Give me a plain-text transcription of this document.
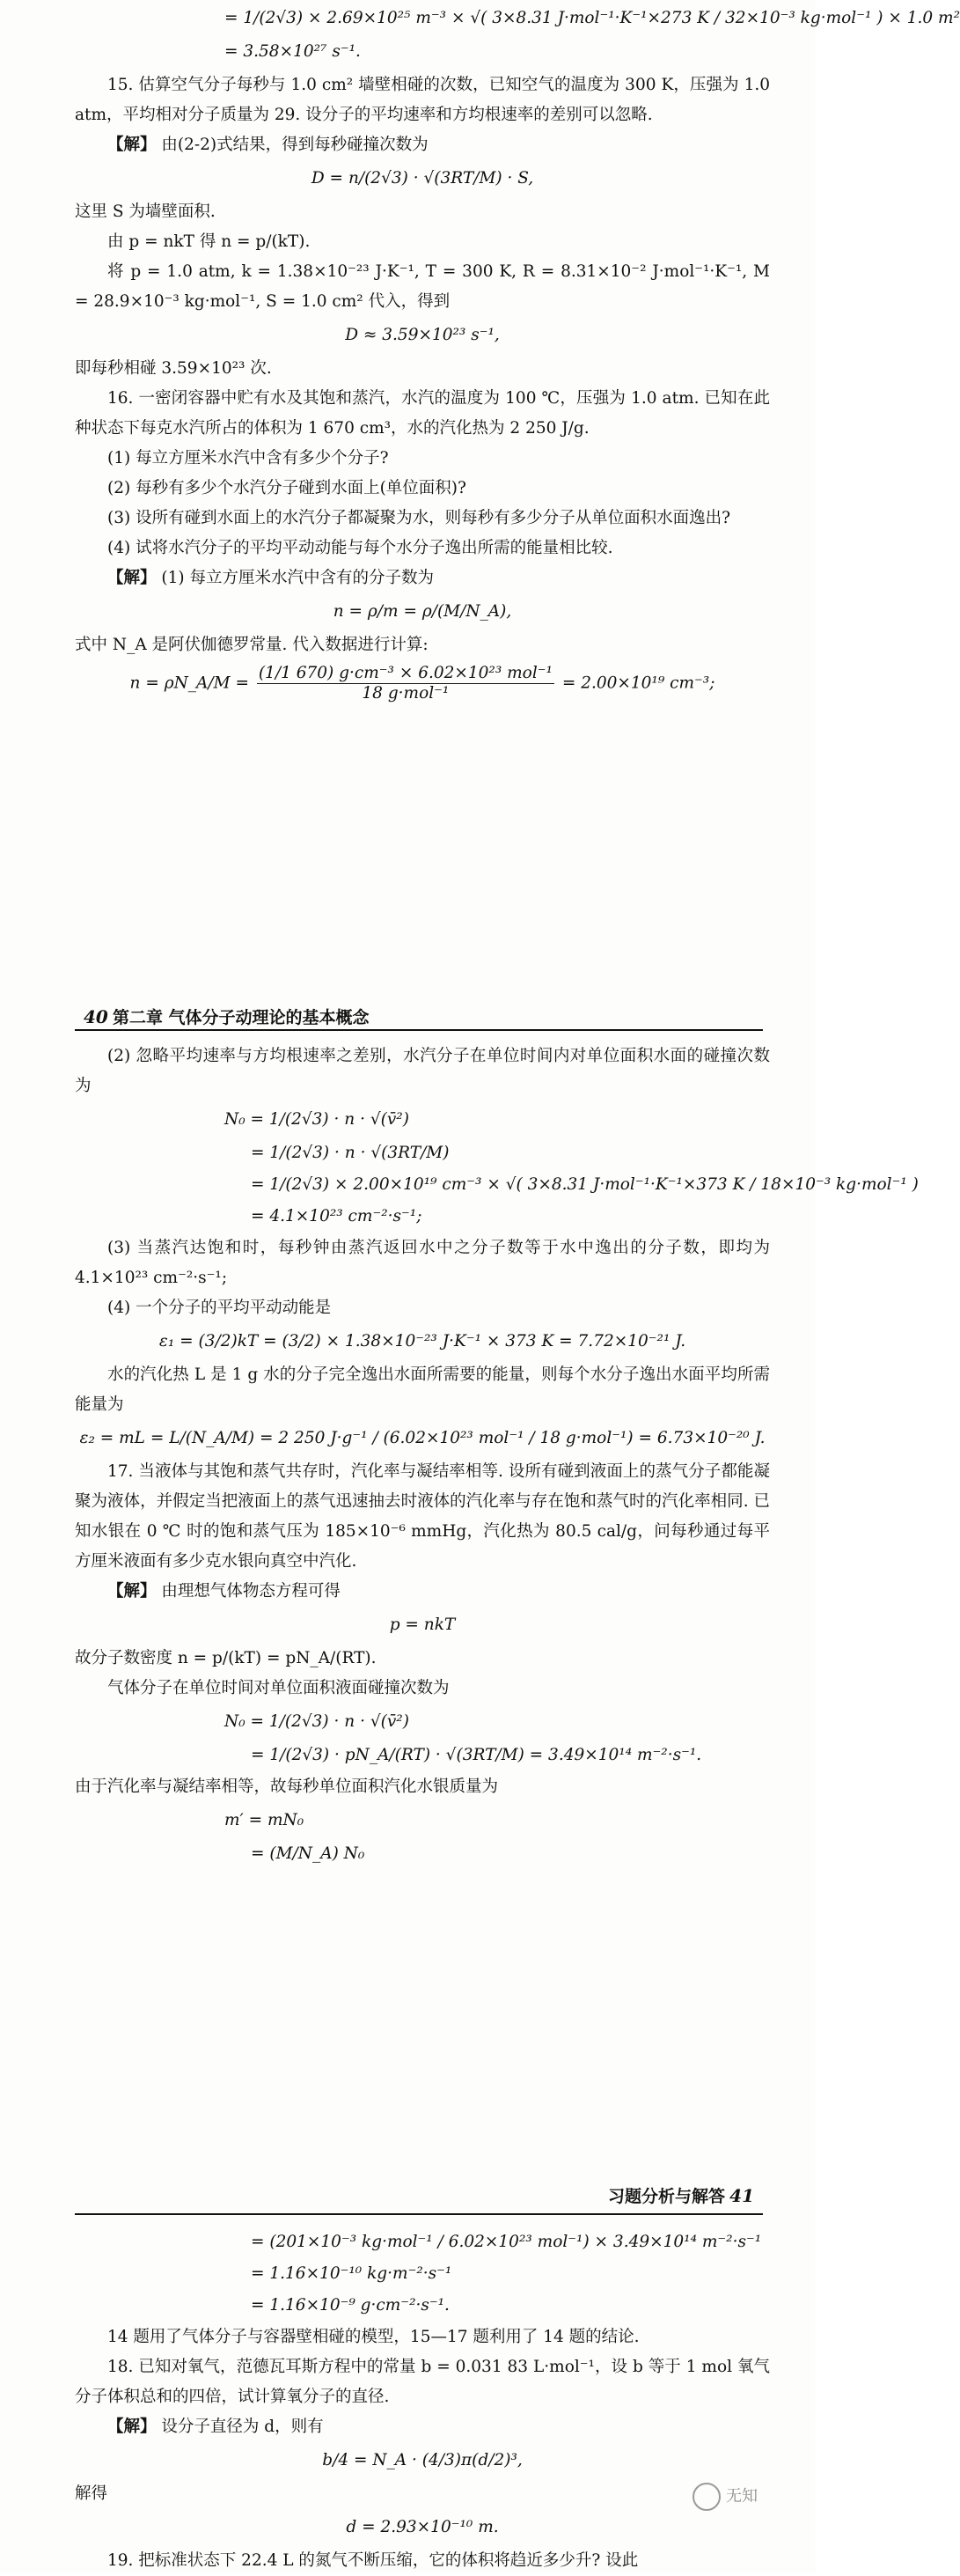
= 1/(2√3) × 2.69×10²⁵ m⁻³ × √( 3×8.31 J·mol⁻¹·K⁻¹×273 K / 32×10⁻³ kg·mol⁻¹ ) × 1.0 m²

= 3.58×10²⁷ s⁻¹.

15. 估算空气分子每秒与 1.0 cm² 墙壁相碰的次数，已知空气的温度为 300 K，压强为 1.0 atm，平均相对分子质量为 29. 设分子的平均速率和方均根速率的差别可以忽略.

【解】 由(2-2)式结果，得到每秒碰撞次数为

D = n/(2√3) · √(3RT/M) · S,

这里 S 为墙壁面积.

由 p = nkT 得 n = p/(kT).

将 p = 1.0 atm, k = 1.38×10⁻²³ J·K⁻¹, T = 300 K, R = 8.31×10⁻² J·mol⁻¹·K⁻¹, M = 28.9×10⁻³ kg·mol⁻¹, S = 1.0 cm² 代入，得到

D ≈ 3.59×10²³ s⁻¹,

即每秒相碰 3.59×10²³ 次.

16. 一密闭容器中贮有水及其饱和蒸汽，水汽的温度为 100 ℃，压强为 1.0 atm. 已知在此种状态下每克水汽所占的体积为 1 670 cm³，水的汽化热为 2 250 J/g.

(1) 每立方厘米水汽中含有多少个分子?

(2) 每秒有多少个水汽分子碰到水面上(单位面积)?

(3) 设所有碰到水面上的水汽分子都凝聚为水，则每秒有多少分子从单位面积水面逸出?

(4) 试将水汽分子的平均平动动能与每个水分子逸出所需的能量相比较.

【解】 (1) 每立方厘米水汽中含有的分子数为

n = ρ/m = ρ/(M/N_A),

式中 N_A 是阿伏伽德罗常量. 代入数据进行计算:

n = ρN_A/M = $\frac{\text{(1/1 670) g·cm⁻³ × 6.02×10²³ mol⁻¹}}{\text{18 g·mol⁻¹}} = 2.00\times 10^{19}$ cm⁻³;

40 第二章 气体分子动理论的基本概念

(2) 忽略平均速率与方均根速率之差别，水汽分子在单位时间内对单位面积水面的碰撞次数为

N₀ = 1/(2√3) · n · √(v̄²)

= 1/(2√3) · n · √(3RT/M)

= 1/(2√3) × 2.00×10¹⁹ cm⁻³ × √( 3×8.31 J·mol⁻¹·K⁻¹×373 K / 18×10⁻³ kg·mol⁻¹ )

= 4.1×10²³ cm⁻²·s⁻¹;

(3) 当蒸汽达饱和时，每秒钟由蒸汽返回水中之分子数等于水中逸出的分子数，即均为 4.1×10²³ cm⁻²·s⁻¹;

(4) 一个分子的平均平动动能是

ε₁ = (3/2)kT = (3/2) × 1.38×10⁻²³ J·K⁻¹ × 373 K = 7.72×10⁻²¹ J.

水的汽化热 L 是 1 g 水的分子完全逸出水面所需要的能量，则每个水分子逸出水面平均所需能量为

ε₂ = mL = L/(N_A/M) = 2 250 J·g⁻¹ / (6.02×10²³ mol⁻¹ / 18 g·mol⁻¹) = 6.73×10⁻²⁰ J.

17. 当液体与其饱和蒸气共存时，汽化率与凝结率相等. 设所有碰到液面上的蒸气分子都能凝聚为液体，并假定当把液面上的蒸气迅速抽去时液体的汽化率与存在饱和蒸气时的汽化率相同. 已知水银在 0 ℃ 时的饱和蒸气压为 185×10⁻⁶ mmHg，汽化热为 80.5 cal/g，问每秒通过每平方厘米液面有多少克水银向真空中汽化.

【解】 由理想气体物态方程可得

p = nkT

故分子数密度 n = p/(kT) = pN_A/(RT).

气体分子在单位时间对单位面积液面碰撞次数为

N₀ = 1/(2√3) · n · √(v̄²)

= 1/(2√3) · pN_A/(RT) · √(3RT/M) = 3.49×10¹⁴ m⁻²·s⁻¹.

由于汽化率与凝结率相等，故每秒单位面积汽化水银质量为

m′ = mN₀

= (M/N_A) N₀

习题分析与解答 41

= (201×10⁻³ kg·mol⁻¹ / 6.02×10²³ mol⁻¹) × 3.49×10¹⁴ m⁻²·s⁻¹

= 1.16×10⁻¹⁰ kg·m⁻²·s⁻¹

= 1.16×10⁻⁹ g·cm⁻²·s⁻¹.

14 题用了气体分子与容器壁相碰的模型，15—17 题利用了 14 题的结论.

18. 已知对氧气，范德瓦耳斯方程中的常量 b = 0.031 83 L·mol⁻¹，设 b 等于 1 mol 氧气分子体积总和的四倍，试计算氧分子的直径.

【解】 设分子直径为 d，则有

b/4 = N_A · (4/3)π(d/2)³,

解得

d = 2.93×10⁻¹⁰ m.

19. 把标准状态下 22.4 L 的氮气不断压缩，它的体积将趋近多少升? 设此

无知
